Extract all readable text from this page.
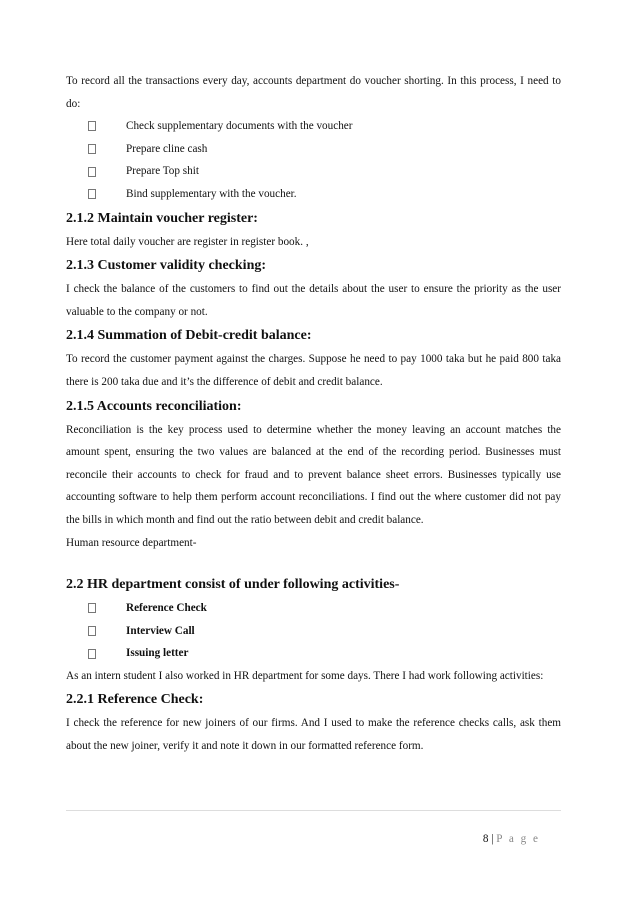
To record all the transactions every day, accounts department do voucher shorting. In this process, I need to do:

Check supplementary documents with the voucher
Prepare cline cash
Prepare Top shit
Bind supplementary with the voucher.
2.1.2 Maintain voucher register:

Here total daily voucher are register in register book. ,

2.1.3 Customer validity checking:

I check the balance of the customers to find out the details about the user to ensure the priority as the user valuable to the company or not.

2.1.4 Summation of Debit-credit balance:

To record the customer payment against the charges. Suppose he need to pay 1000 taka but he paid 800 taka there is 200 taka due and it’s the difference of debit and credit balance.

2.1.5 Accounts reconciliation:

Reconciliation is the key process used to determine whether the money leaving an account matches the amount spent, ensuring the two values are balanced at the end of the recording period. Businesses must reconcile their accounts to check for fraud and to prevent balance sheet errors. Businesses typically use accounting software to help them perform account reconciliations. I find out the where customer did not pay the bills in which month and find out the ratio between debit and credit balance.

Human resource department-

2.2 HR department consist of under following activities-
Reference Check
Interview Call
Issuing letter

As an intern student I also worked in HR department for some days. There I had work following activities:

2.2.1 Reference Check:

I check the reference for new joiners of our firms. And I used to make the reference checks calls, ask them about the new joiner, verify it and note it down in our formatted reference form.

8 | P a g e
